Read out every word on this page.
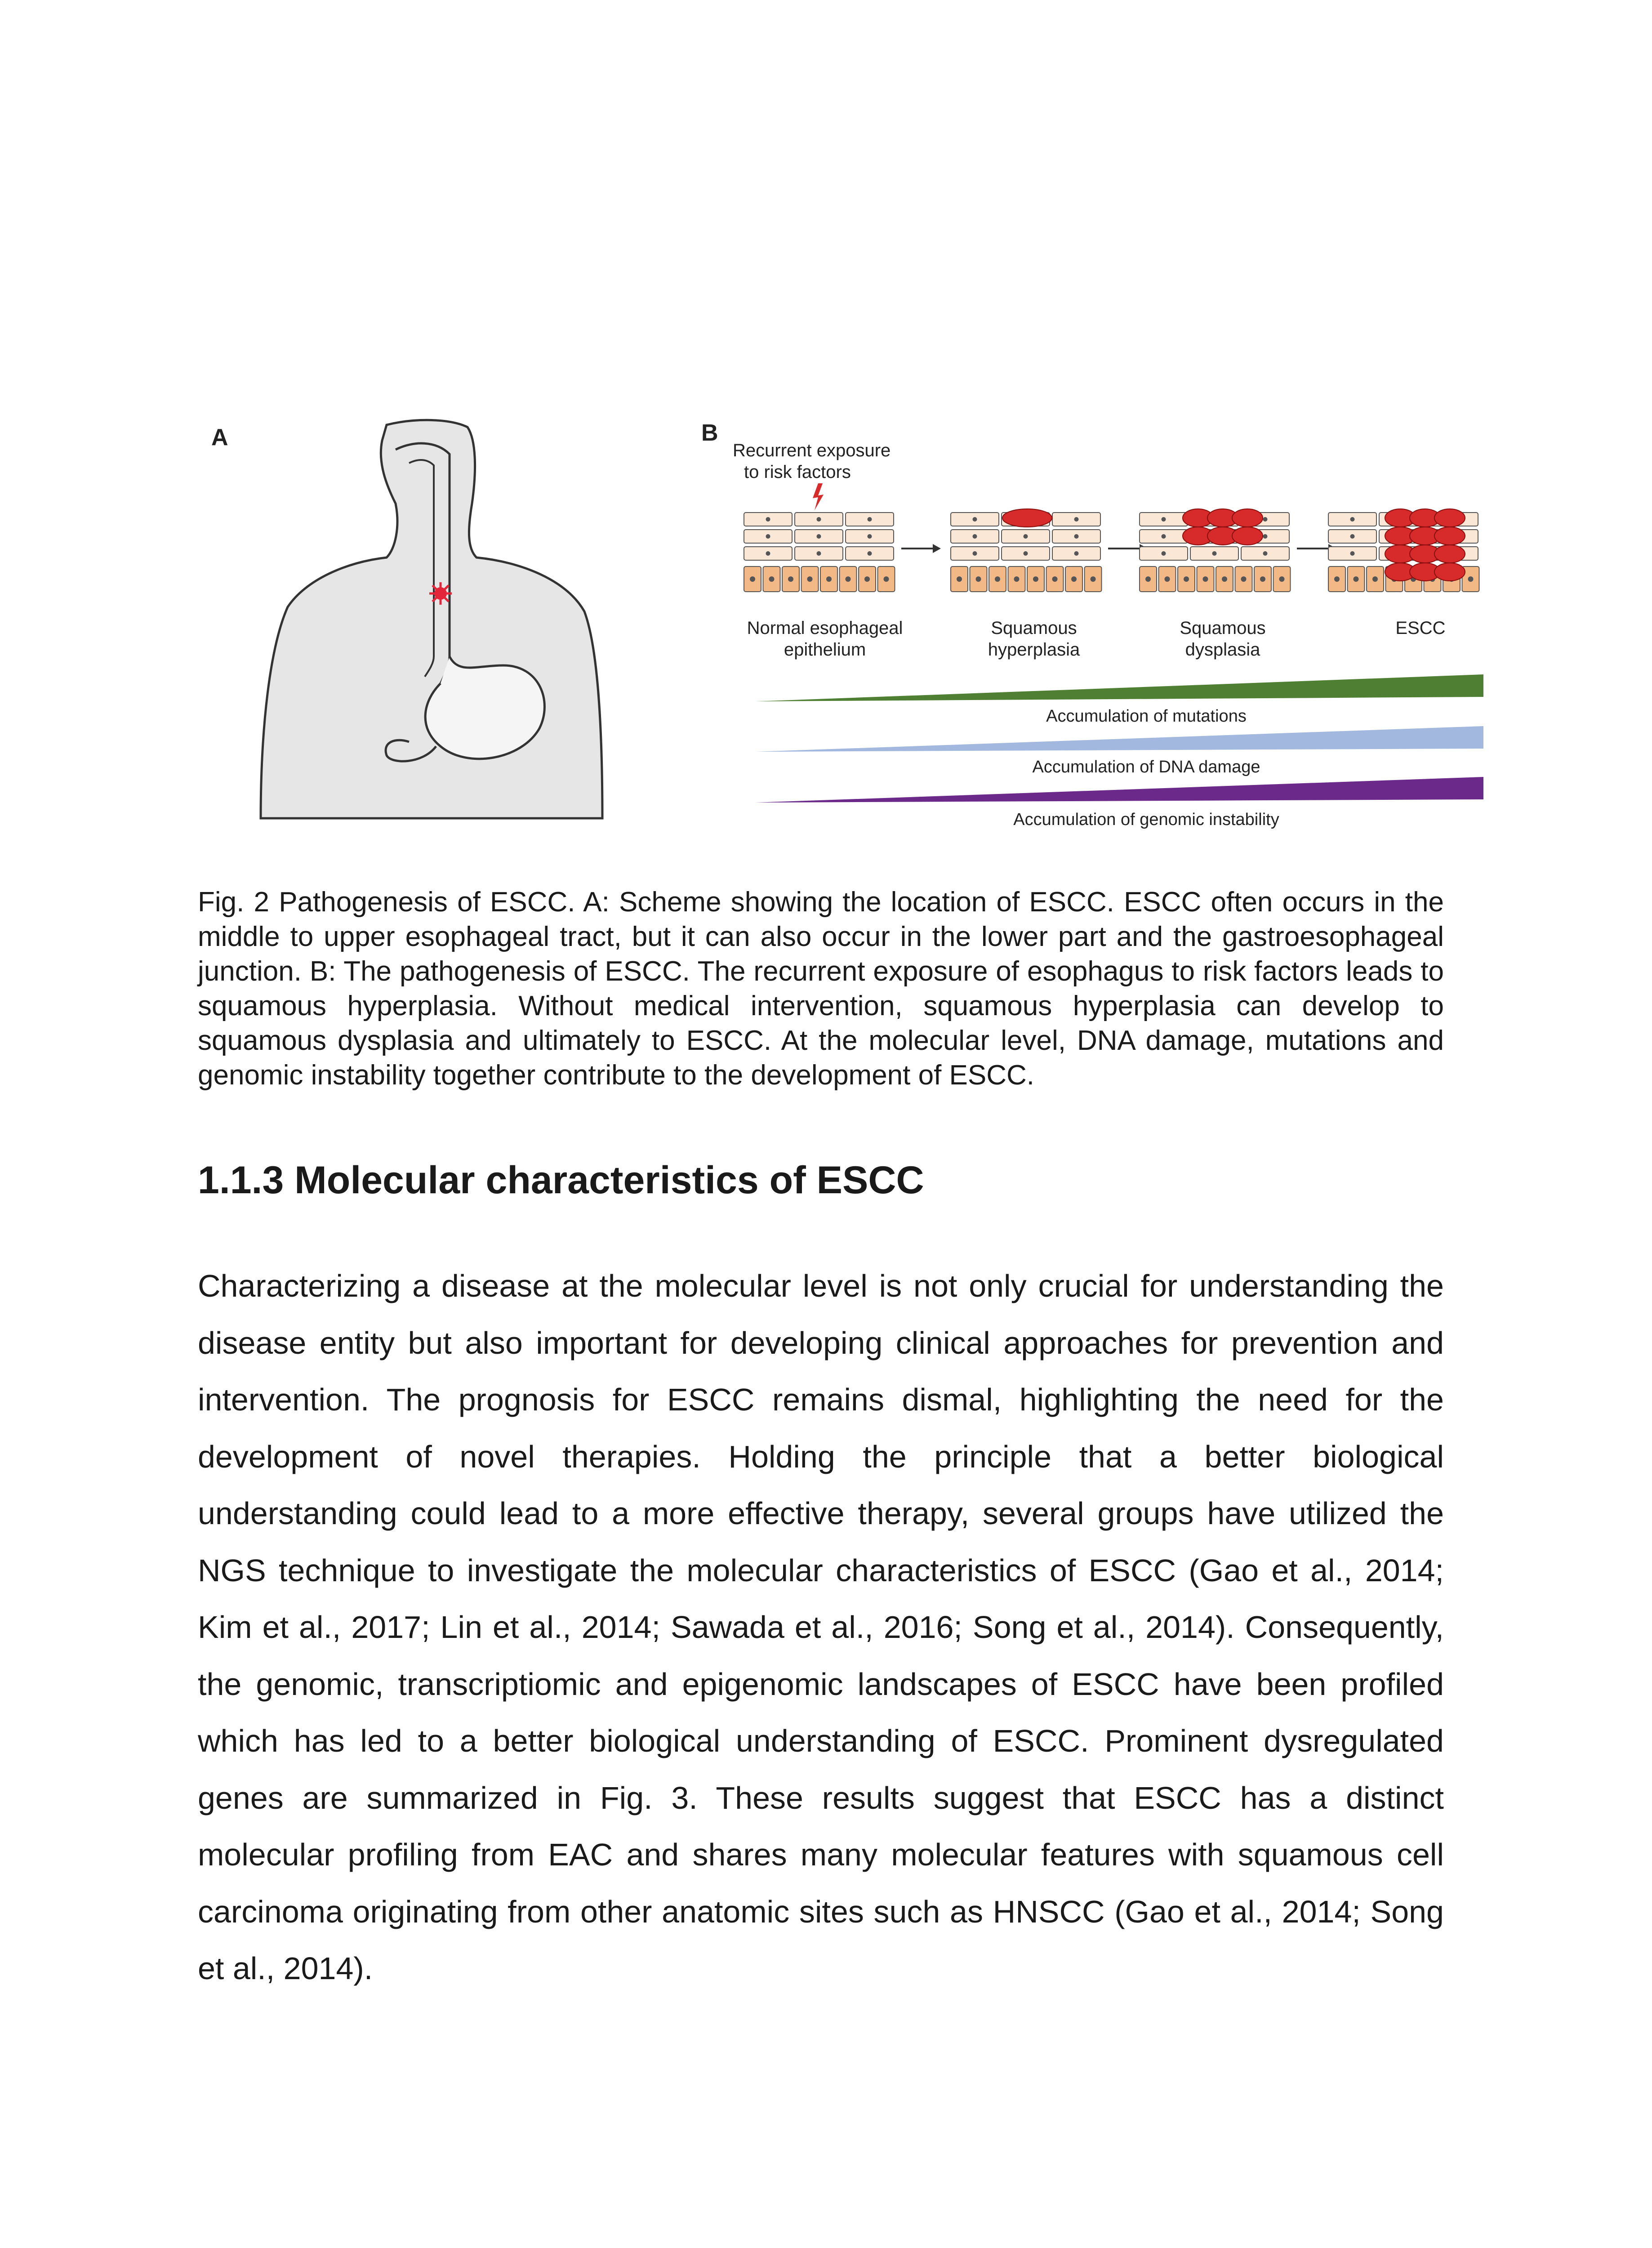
A	B
Recurrent exposure
to risk factors
Normal esophageal
epithelium
Squamous
hyperplasia
Squamous
dysplasia
ESCC
Accumulation of mutations
Accumulation of DNA damage
Accumulation of genomic instability

Fig. 2 Pathogenesis of ESCC. A: Scheme showing the location of ESCC. ESCC often occurs in the middle to upper esophageal tract, but it can also occur in the lower part and the gastroesophageal junction. B: The pathogenesis of ESCC. The recurrent exposure of esophagus to risk factors leads to squamous hyperplasia. Without medical intervention, squamous hyperplasia can develop to squamous dysplasia and ultimately to ESCC. At the molecular level, DNA damage, mutations and genomic instability together contribute to the development of ESCC.

1.1.3 Molecular characteristics of ESCC

Characterizing a disease at the molecular level is not only crucial for understanding the disease entity but also important for developing clinical approaches for prevention and intervention. The prognosis for ESCC remains dismal, highlighting the need for the development of novel therapies. Holding the principle that a better biological understanding could lead to a more effective therapy, several groups have utilized the NGS technique to investigate the molecular characteristics of ESCC (Gao et al., 2014; Kim et al., 2017; Lin et al., 2014; Sawada et al., 2016; Song et al., 2014). Consequently, the genomic, transcriptiomic and epigenomic landscapes of ESCC have been profiled which has led to a better biological understanding of ESCC. Prominent dysregulated genes are summarized in Fig. 3. These results suggest that ESCC has a distinct molecular profiling from EAC and shares many molecular features with squamous cell carcinoma originating from other anatomic sites such as HNSCC (Gao et al., 2014; Song et al., 2014).
